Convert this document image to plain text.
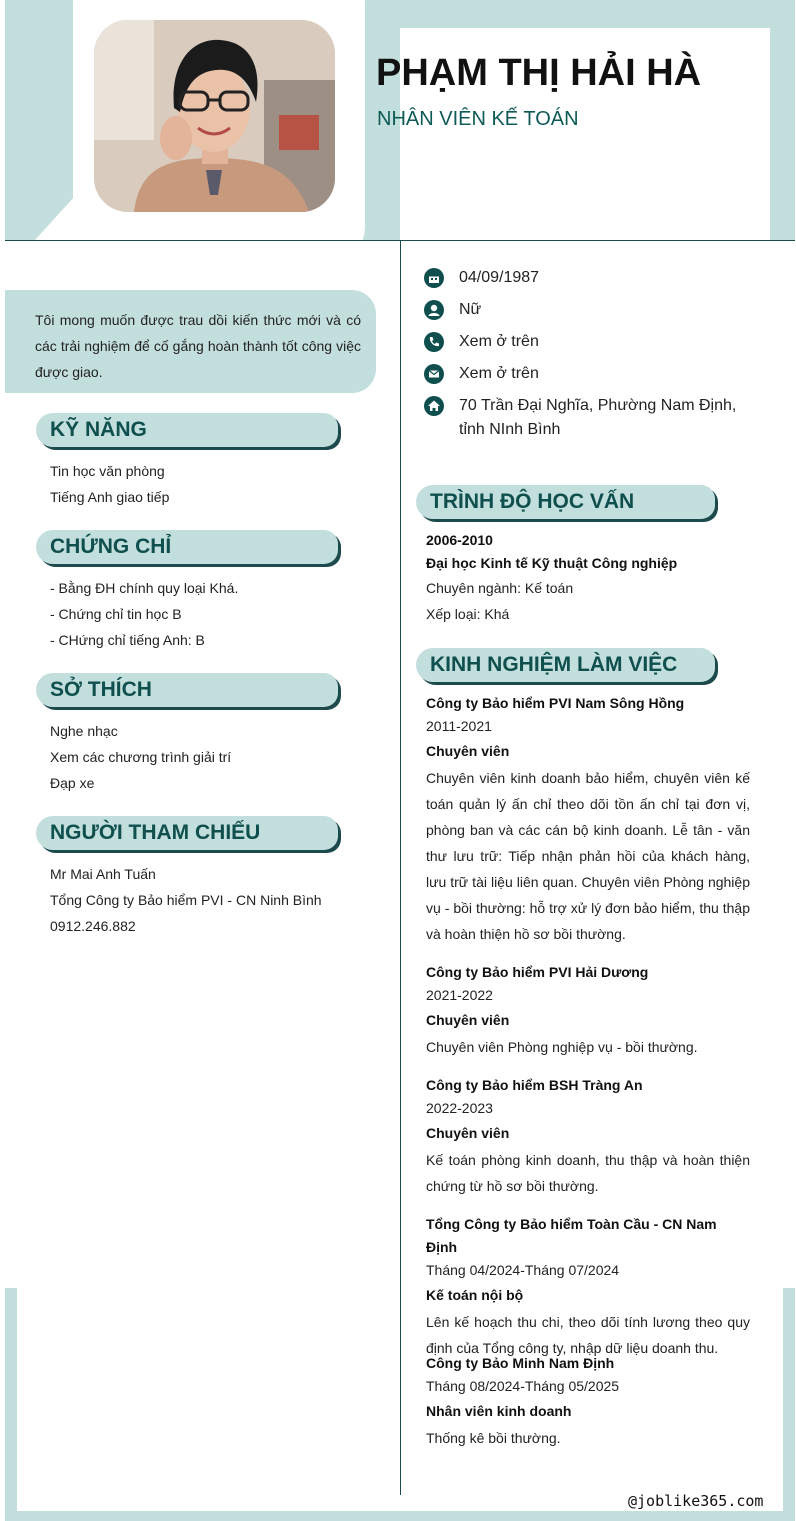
PHẠM THỊ HẢI HÀ
NHÂN VIÊN KẾ TOÁN

Tôi mong muốn được trau dồi kiến thức mới và có các trải nghiệm để cố gắng hoàn thành tốt công việc được giao.

KỸ NĂNG
Tin học văn phòng
Tiếng Anh giao tiếp
CHỨNG CHỈ
- Bằng ĐH chính quy loại Khá.
- Chứng chỉ tin học B
- CHứng chỉ tiếng Anh: B
SỞ THÍCH
Nghe nhạc
Xem các chương trình giải trí
Đạp xe
NGƯỜI THAM CHIẾU
Mr Mai Anh Tuấn
Tổng Công ty Bảo hiểm PVI - CN Ninh Bình
0912.246.882
04/09/1987
Nữ
Xem ở trên
Xem ở trên
70 Trần Đại Nghĩa, Phường Nam Định, tỉnh NInh Bình
TRÌNH ĐỘ HỌC VẤN
2006-2010
Đại học Kinh tế Kỹ thuật Công nghiệp
Chuyên ngành: Kế toán
Xếp loại: Khá
KINH NGHIỆM LÀM VIỆC
Công ty Bảo hiểm PVI Nam Sông Hồng
2011-2021
Chuyên viên
Chuyên viên kinh doanh bảo hiểm, chuyên viên kế toán quản lý ấn chỉ theo dõi tồn ấn chỉ tại đơn vị, phòng ban và các cán bộ kinh doanh. Lễ tân - văn thư lưu trữ: Tiếp nhận phản hồi của khách hàng, lưu trữ tài liệu liên quan. Chuyên viên Phòng nghiệp vụ - bồi thường: hỗ trợ xử lý đơn bảo hiểm, thu thập và hoàn thiện hồ sơ bồi thường.
Công ty Bảo hiểm PVI Hải Dương
2021-2022
Chuyên viên
Chuyên viên Phòng nghiệp vụ - bồi thường.
Công ty Bảo hiểm BSH Tràng An
2022-2023
Chuyên viên
Kế toán phòng kinh doanh, thu thập và hoàn thiện chứng từ hồ sơ bồi thường.
Tổng Công ty Bảo hiểm Toàn Cầu - CN Nam Định
Tháng 04/2024-Tháng 07/2024
Kế toán nội bộ
Lên kế hoạch thu chi, theo dõi tính lương theo quy định của Tổng công ty, nhập dữ liệu doanh thu.
Công ty Bảo Minh Nam Định
Tháng 08/2024-Tháng 05/2025
Nhân viên kinh doanh
Thống kê bồi thường.
@joblike365.com
